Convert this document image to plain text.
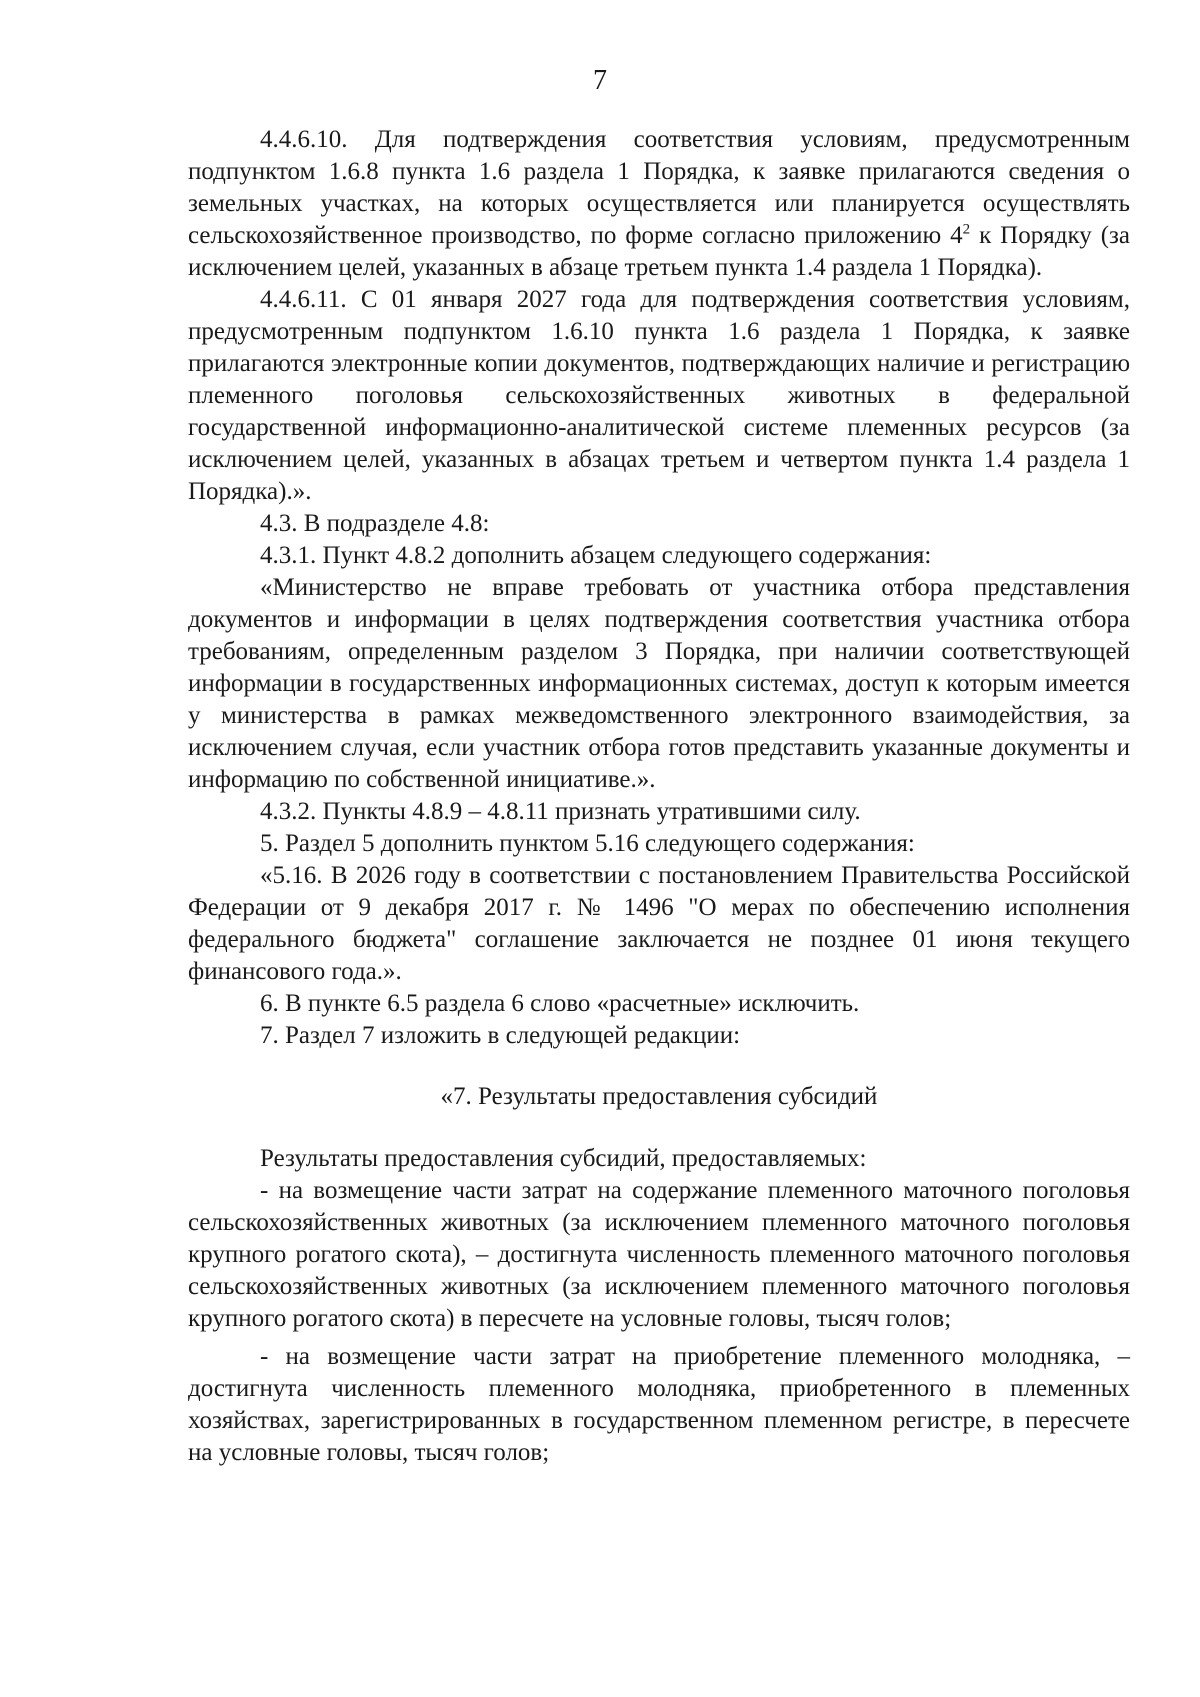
7

4.4.6.10. Для подтверждения соответствия условиям, предусмотренным подпунктом 1.6.8 пункта 1.6 раздела 1 Порядка, к заявке прилагаются сведения о земельных участках, на которых осуществляется или планируется осуществлять сельскохозяйственное производство, по форме согласно приложению $4^2$ к Порядку (за исключением целей, указанных в абзаце третьем пункта 1.4 раздела 1 Порядка).

4.4.6.11. С 01 января 2027 года для подтверждения соответствия условиям, предусмотренным подпунктом 1.6.10 пункта 1.6 раздела 1 Порядка, к заявке прилагаются электронные копии документов, подтверждающих наличие и регистрацию племенного поголовья сельскохозяйственных животных в федеральной государственной информационно-аналитической системе племенных ресурсов (за исключением целей, указанных в абзацах третьем и четвертом пункта 1.4 раздела 1 Порядка).».

4.3. В подразделе 4.8:

4.3.1. Пункт 4.8.2 дополнить абзацем следующего содержания:

«Министерство не вправе требовать от участника отбора представления документов и информации в целях подтверждения соответствия участника отбора требованиям, определенным разделом 3 Порядка, при наличии соответствующей информации в государственных информационных системах, доступ к которым имеется у министерства в рамках межведомственного электронного взаимодействия, за исключением случая, если участник отбора готов представить указанные документы и информацию по собственной инициативе.».

4.3.2. Пункты 4.8.9 – 4.8.11 признать утратившими силу.

5. Раздел 5 дополнить пунктом 5.16 следующего содержания:

«5.16. В 2026 году в соответствии с постановлением Правительства Российской Федерации от 9 декабря 2017 г. № 1496 "О мерах по обеспечению исполнения федерального бюджета" соглашение заключается не позднее 01 июня текущего финансового года.».

6. В пункте 6.5 раздела 6 слово «расчетные» исключить.

7. Раздел 7 изложить в следующей редакции:

«7. Результаты предоставления субсидий

Результаты предоставления субсидий, предоставляемых:

- на возмещение части затрат на содержание племенного маточного поголовья сельскохозяйственных животных (за исключением племенного маточного поголовья крупного рогатого скота), – достигнута численность племенного маточного поголовья сельскохозяйственных животных (за исключением племенного маточного поголовья крупного рогатого скота) в пересчете на условные головы, тысяч голов;

- на возмещение части затрат на приобретение племенного молодняка, – достигнута численность племенного молодняка, приобретенного в племенных хозяйствах, зарегистрированных в государственном племенном регистре, в пересчете на условные головы, тысяч голов;
